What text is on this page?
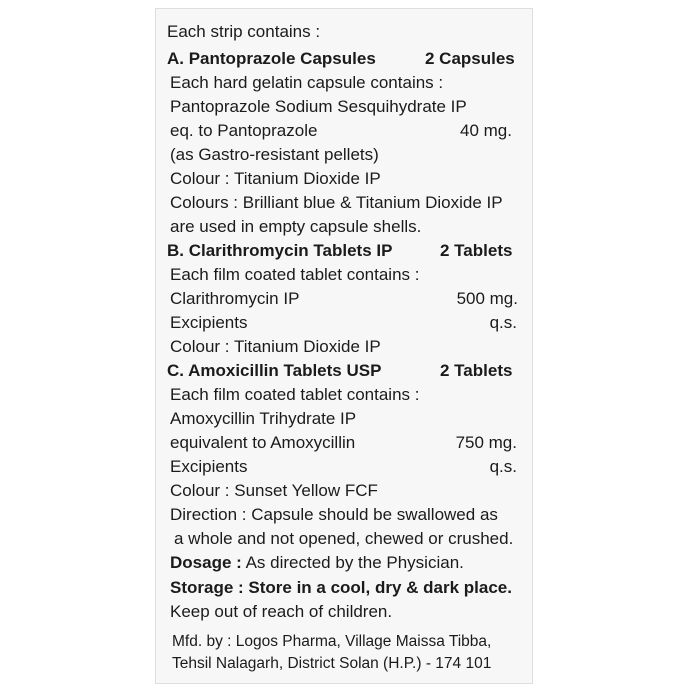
Each strip contains :
A. Pantoprazole Capsules	2 Capsules
Each hard gelatin capsule contains :
Pantoprazole Sodium Sesquihydrate IP
eq. to Pantoprazole	40 mg.
(as Gastro-resistant pellets)
Colour : Titanium Dioxide IP
Colours : Brilliant blue & Titanium Dioxide IP
are used in empty capsule shells.
B. Clarithromycin Tablets IP	2 Tablets
Each film coated tablet contains :
Clarithromycin IP	500 mg.
Excipients	q.s.
Colour : Titanium Dioxide IP
C. Amoxicillin Tablets USP	2 Tablets
Each film coated tablet contains :
Amoxycillin Trihydrate IP
equivalent to Amoxycillin	750 mg.
Excipients	q.s.
Colour : Sunset Yellow FCF
Direction : Capsule should be swallowed as
a whole and not opened, chewed or crushed.
Dosage : As directed by the Physician.
Storage : Store in a cool, dry & dark place.
Keep out of reach of children.
Mfd. by : Logos Pharma, Village Maissa Tibba,
Tehsil Nalagarh, District Solan (H.P.) - 174 101
